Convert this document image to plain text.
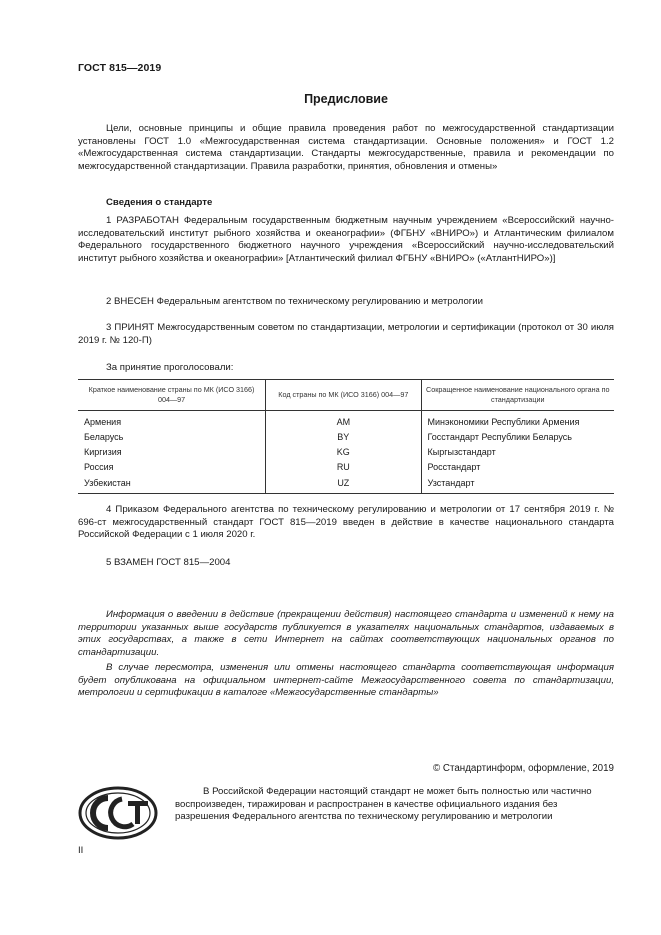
ГОСТ 815—2019
Предисловие
Цели, основные принципы и общие правила проведения работ по межгосударственной стандартизации установлены ГОСТ 1.0 «Межгосударственная система стандартизации. Основные положения» и ГОСТ 1.2 «Межгосударственная система стандартизации. Стандарты межгосударственные, правила и рекомендации по межгосударственной стандартизации. Правила разработки, принятия, обновления и отмены»
Сведения о стандарте
1 РАЗРАБОТАН Федеральным государственным бюджетным научным учреждением «Всероссийский научно-исследовательский институт рыбного хозяйства и океанографии» (ФГБНУ «ВНИРО») и Атлантическим филиалом Федерального государственного бюджетного научного учреждения «Всероссийский научно-исследовательский институт рыбного хозяйства и океанографии» [Атлантический филиал ФГБНУ «ВНИРО» («АтлантНИРО»)]
2 ВНЕСЕН Федеральным агентством по техническому регулированию и метрологии
3 ПРИНЯТ Межгосударственным советом по стандартизации, метрологии и сертификации (протокол от 30 июля 2019 г. № 120-П)
За принятие проголосовали:
Краткое наименование страны по МК (ИСО 3166) 004—97	Код страны по МК (ИСО 3166) 004—97	Сокращенное наименование национального органа по стандартизации
Армения	AM	Минэкономики Республики Армения
Беларусь	BY	Госстандарт Республики Беларусь
Киргизия	KG	Кыргызстандарт
Россия	RU	Росстандарт
Узбекистан	UZ	Узстандарт
4 Приказом Федерального агентства по техническому регулированию и метрологии от 17 сентября 2019 г. № 696-ст межгосударственный стандарт ГОСТ 815—2019 введен в действие в качестве национального стандарта Российской Федерации с 1 июля 2020 г.
5 ВЗАМЕН ГОСТ 815—2004
Информация о введении в действие (прекращении действия) настоящего стандарта и изменений к нему на территории указанных выше государств публикуется в указателях национальных стандартов, издаваемых в этих государствах, а также в сети Интернет на сайтах соответствующих национальных органов по стандартизации.
В случае пересмотра, изменения или отмены настоящего стандарта соответствующая информация будет опубликована на официальном интернет-сайте Межгосударственного совета по стандартизации, метрологии и сертификации в каталоге «Межгосударственные стандарты»
© Стандартинформ, оформление, 2019
В Российской Федерации настоящий стандарт не может быть полностью или частично воспроизведен, тиражирован и распространен в качестве официального издания без разрешения Федерального агентства по техническому регулированию и метрологии
II
